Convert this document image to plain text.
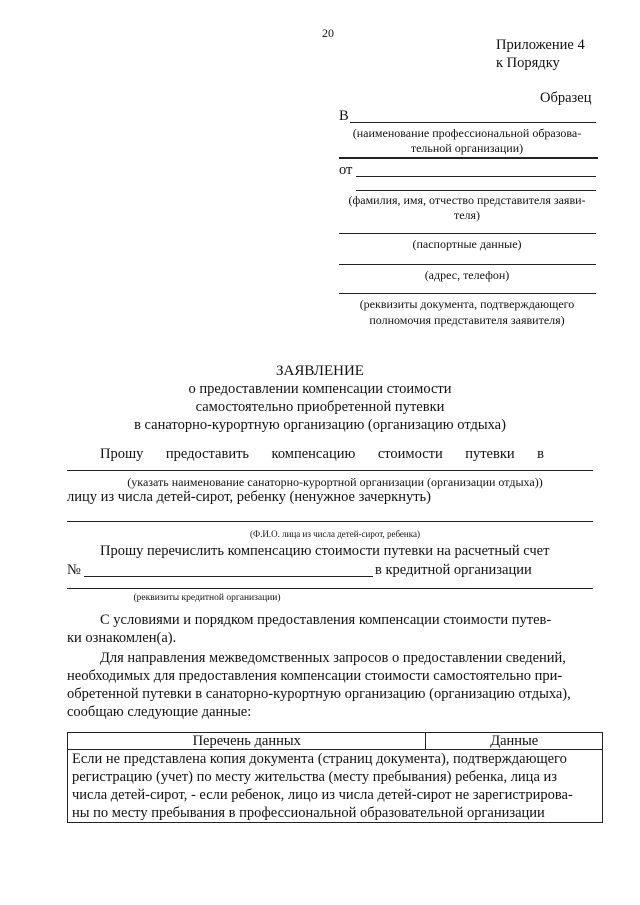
20
Приложение 4
к Порядку
Образец
В
(наименование профессиональной образова-
тельной организации)
от
(фамилия, имя, отчество представителя заяви-
теля)
(паспортные данные)
(адрес, телефон)
(реквизиты документа, подтверждающего
полномочия представителя заявителя)
ЗАЯВЛЕНИЕ
о предоставлении компенсации стоимости
самостоятельно приобретенной путевки
в санаторно-курортную организацию (организацию отдыха)
Прошу предоставить компенсацию стоимости путевки в
(указать наименование санаторно-курортной организации (организации отдыха))
лицу из числа детей-сирот, ребенку (ненужное зачеркнуть)
(Ф.И.О. лица из числа детей-сирот, ребенка)
Прошу перечислить компенсацию стоимости путевки на расчетный счет
№	в кредитной организации
(реквизиты кредитной организации)
С условиями и порядком предоставления компенсации стоимости путев-
ки ознакомлен(а).
Для направления межведомственных запросов о предоставлении сведений,
необходимых для предоставления компенсации стоимости самостоятельно при-
обретенной путевки в санаторно-курортную организацию (организацию отдыха),
сообщаю следующие данные:
Перечень данных	Данные

Если не представлена копия документа (страниц документа), подтверждающего
регистрацию (учет) по месту жительства (месту пребывания) ребенка, лица из
числа детей-сирот, - если ребенок, лицо из числа детей-сирот не зарегистрирова-
ны по месту пребывания в профессиональной образовательной организации
